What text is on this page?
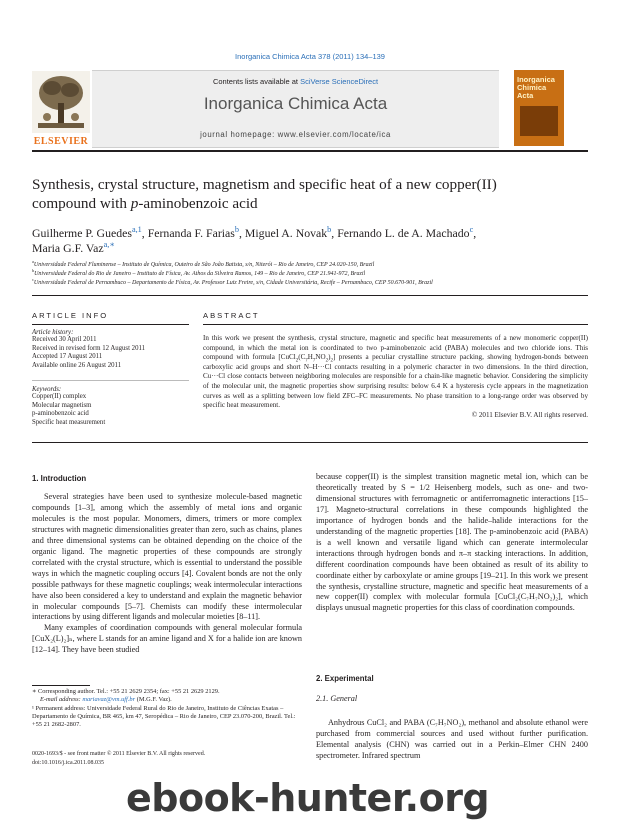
Inorganica Chimica Acta 378 (2011) 134–139
ELSEVIER
Contents lists available at SciVerse ScienceDirect
Inorganica Chimica Acta
journal homepage: www.elsevier.com/locate/ica
Inorganica
Chimica
Acta
Synthesis, crystal structure, magnetism and specific heat of a new copper(II)
compound with p-aminobenzoic acid
Guilherme P. Guedes$^{a,1}$, Fernanda F. Farias$^b$, Miguel A. Novak$^b$, Fernando L. de A. Machado$^c$,
Maria G.F. Vaz$^{a,∗}$
$^a$Universidade Federal Fluminense – Instituto de Química, Outeiro de São João Batista, s/n, Niterói – Rio de Janeiro, CEP 24.020-150, Brazil
$^b$Universidade Federal do Rio de Janeiro – Instituto de Física, Av. Athos da Silveira Ramos, 149 – Rio de Janeiro, CEP 21.941-972, Brazil
$^c$Universidade Federal de Pernambuco – Departamento de Física, Av. Professor Luiz Freire, s/n, Cidade Universitária, Recife – Pernambuco, CEP 50.670-901, Brazil
ARTICLE INFO
Article history:
Received 30 April 2011
Received in revised form 12 August 2011
Accepted 17 August 2011
Available online 26 August 2011
Keywords:
Copper(II) complex
Molecular magnetism
p-aminobenzoic acid
Specific heat measurement
ABSTRACT
In this work we present the synthesis, crystal structure, magnetic and specific heat measurements of a new monomeric copper(II) compound, in which the metal ion is coordinated to two p-aminobenzoic acid (PABA) molecules and two chloride ions. This compound with formula $[CuCl_2(C_7H_7NO_2)_2]$ presents a peculiar crystalline structure packing, showing hydrogen-bonds between carboxylic acid groups and short N–H···Cl contacts resulting in a polymeric character in two dimensions. In the third direction, Cu···Cl close contacts between neighboring molecules are responsible for a chain-like magnetic behavior. Considering the simplicity of the molecular unit, the magnetic properties show surprising results: below 6.4 K a hysteresis cycle appears in the magnetization curves as well as a splitting between low field ZFC–FC measurements. No phase transition to a long-range order was observed by specific heat measurement.
© 2011 Elsevier B.V. All rights reserved.
1. Introduction

Several strategies have been used to synthesize molecule-based magnetic compounds [1–3], among which the assembly of metal ions and organic molecules is the most popular. Monomers, dimers, trimers or more complex structures with magnetic dimensionalities greater than zero, such as chains, planes and three dimensional systems can be obtained depending on the choice of the organic ligand. The magnetic properties of these compounds are strongly correlated with the crystal structure, which is essential to understand the possible ways in which the magnetic coupling occurs [4]. Covalent bonds are not the only possible pathways for these magnetic couplings; weak intermolecular interactions have also been considered a key to understand and explain the magnetic behavior in molecular compounds [5–7]. Chemists can modify these intermolecular interactions by using different ligands and molecular moieties [8–11].

Many examples of coordination compounds with general molecular formula [CuX₂(L)₂]ₙ, where L stands for an amine ligand and X for a halide ion are known [12–14]. They have been studied

because copper(II) is the simplest transition magnetic metal ion, which can be theoretically treated by S = 1/2 Heisenberg models, such as one- and two-dimensional structures with ferromagnetic or antiferromagnetic interactions [15–17]. Magneto-structural correlations in these compounds highlighted the importance of hydrogen bonds and the halide–halide interactions for the understanding of the magnetic properties [18]. The p-aminobenzoic acid (PABA) is a well known and versatile ligand which can generate intermolecular interactions through hydrogen bonds and π–π stacking interactions. In addition, different coordination compounds have been obtained as result of its ability to coordinate either by carboxylate or amine groups [19–21]. In this work we present the synthesis, crystalline structure, magnetic and specific heat measurements of a new copper(II) complex with molecular formula [CuCl₂(C₇H₇NO₂)₂], which displays unusual magnetic properties for this class of coordination compounds.

2. Experimental
2.1. General

Anhydrous CuCl₂ and PABA (C₇H₇NO₂), methanol and absolute ethanol were purchased from commercial sources and used without further purification. Elemental analysis (CHN) was carried out in a Perkin–Elmer CHN 2400 spectrometer. Infrared spectrum

∗ Corresponding author. Tel.: +55 21 2629 2354; fax: +55 21 2629 2129.
E-mail address: mariavaz@vm.uff.br (M.G.F. Vaz).
¹ Permanent address: Universidade Federal Rural do Rio de Janeiro, Instituto de Ciências Exatas – Departamento de Química, BR 465, km 47, Seropédica – Rio de Janeiro, CEP 23.070-200, Brazil. Tel.: +55 21 2682-2807.
0020-1693/$ - see front matter © 2011 Elsevier B.V. All rights reserved.
doi:10.1016/j.ica.2011.08.035
ebook-hunter.org
